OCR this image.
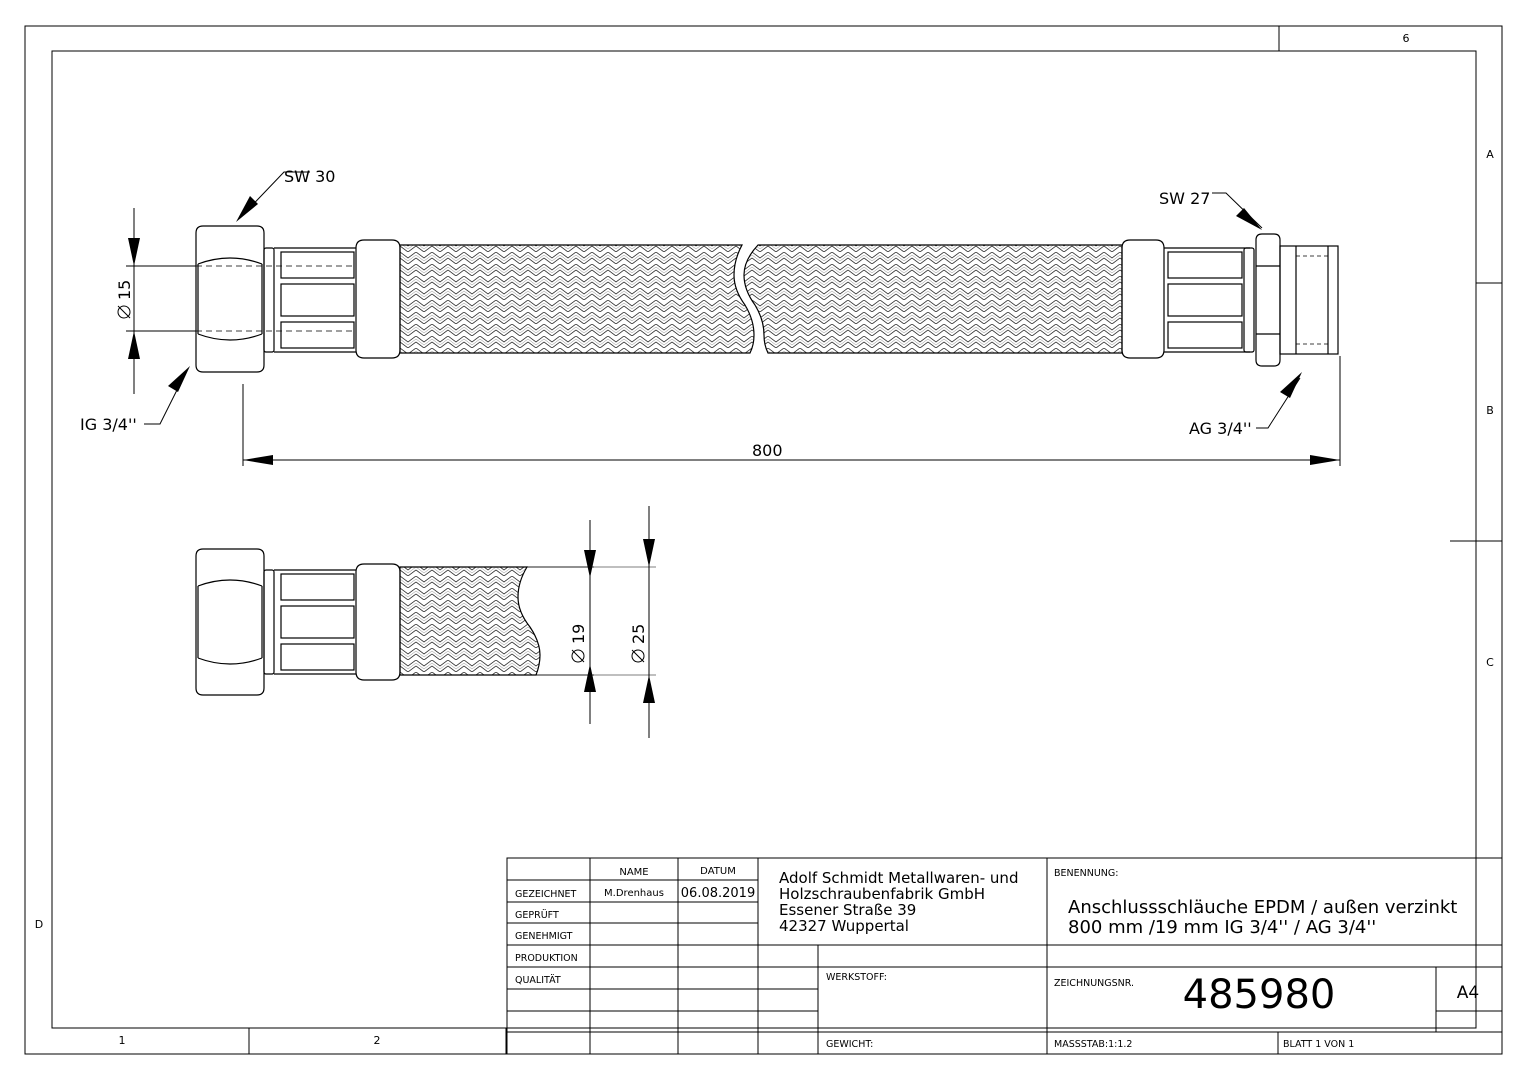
6
1	2
A
B
C
D
SW 30
SW 27
IG 3/4''	AG 3/4''
800
15
19	25
NAME	DATUM
GEZEICHNET	M.Drenhaus 06.08.2019
GEPRÜFT
GENEHMIGT
PRODUKTION
QUALITÄT
Adolf Schmidt Metallwaren- und
Holzschraubenfabrik GmbH
Essener Straße 39
42327 Wuppertal
BENENNUNG:
Anschlussschläuche EPDM / außen verzinkt
800 mm /19 mm IG 3/4'' / AG 3/4''
WERKSTOFF:
GEWICHT:
ZEICHNUNGSNR. 485980	A4
MASSSTAB:1:1.2	BLATT 1 VON 1
